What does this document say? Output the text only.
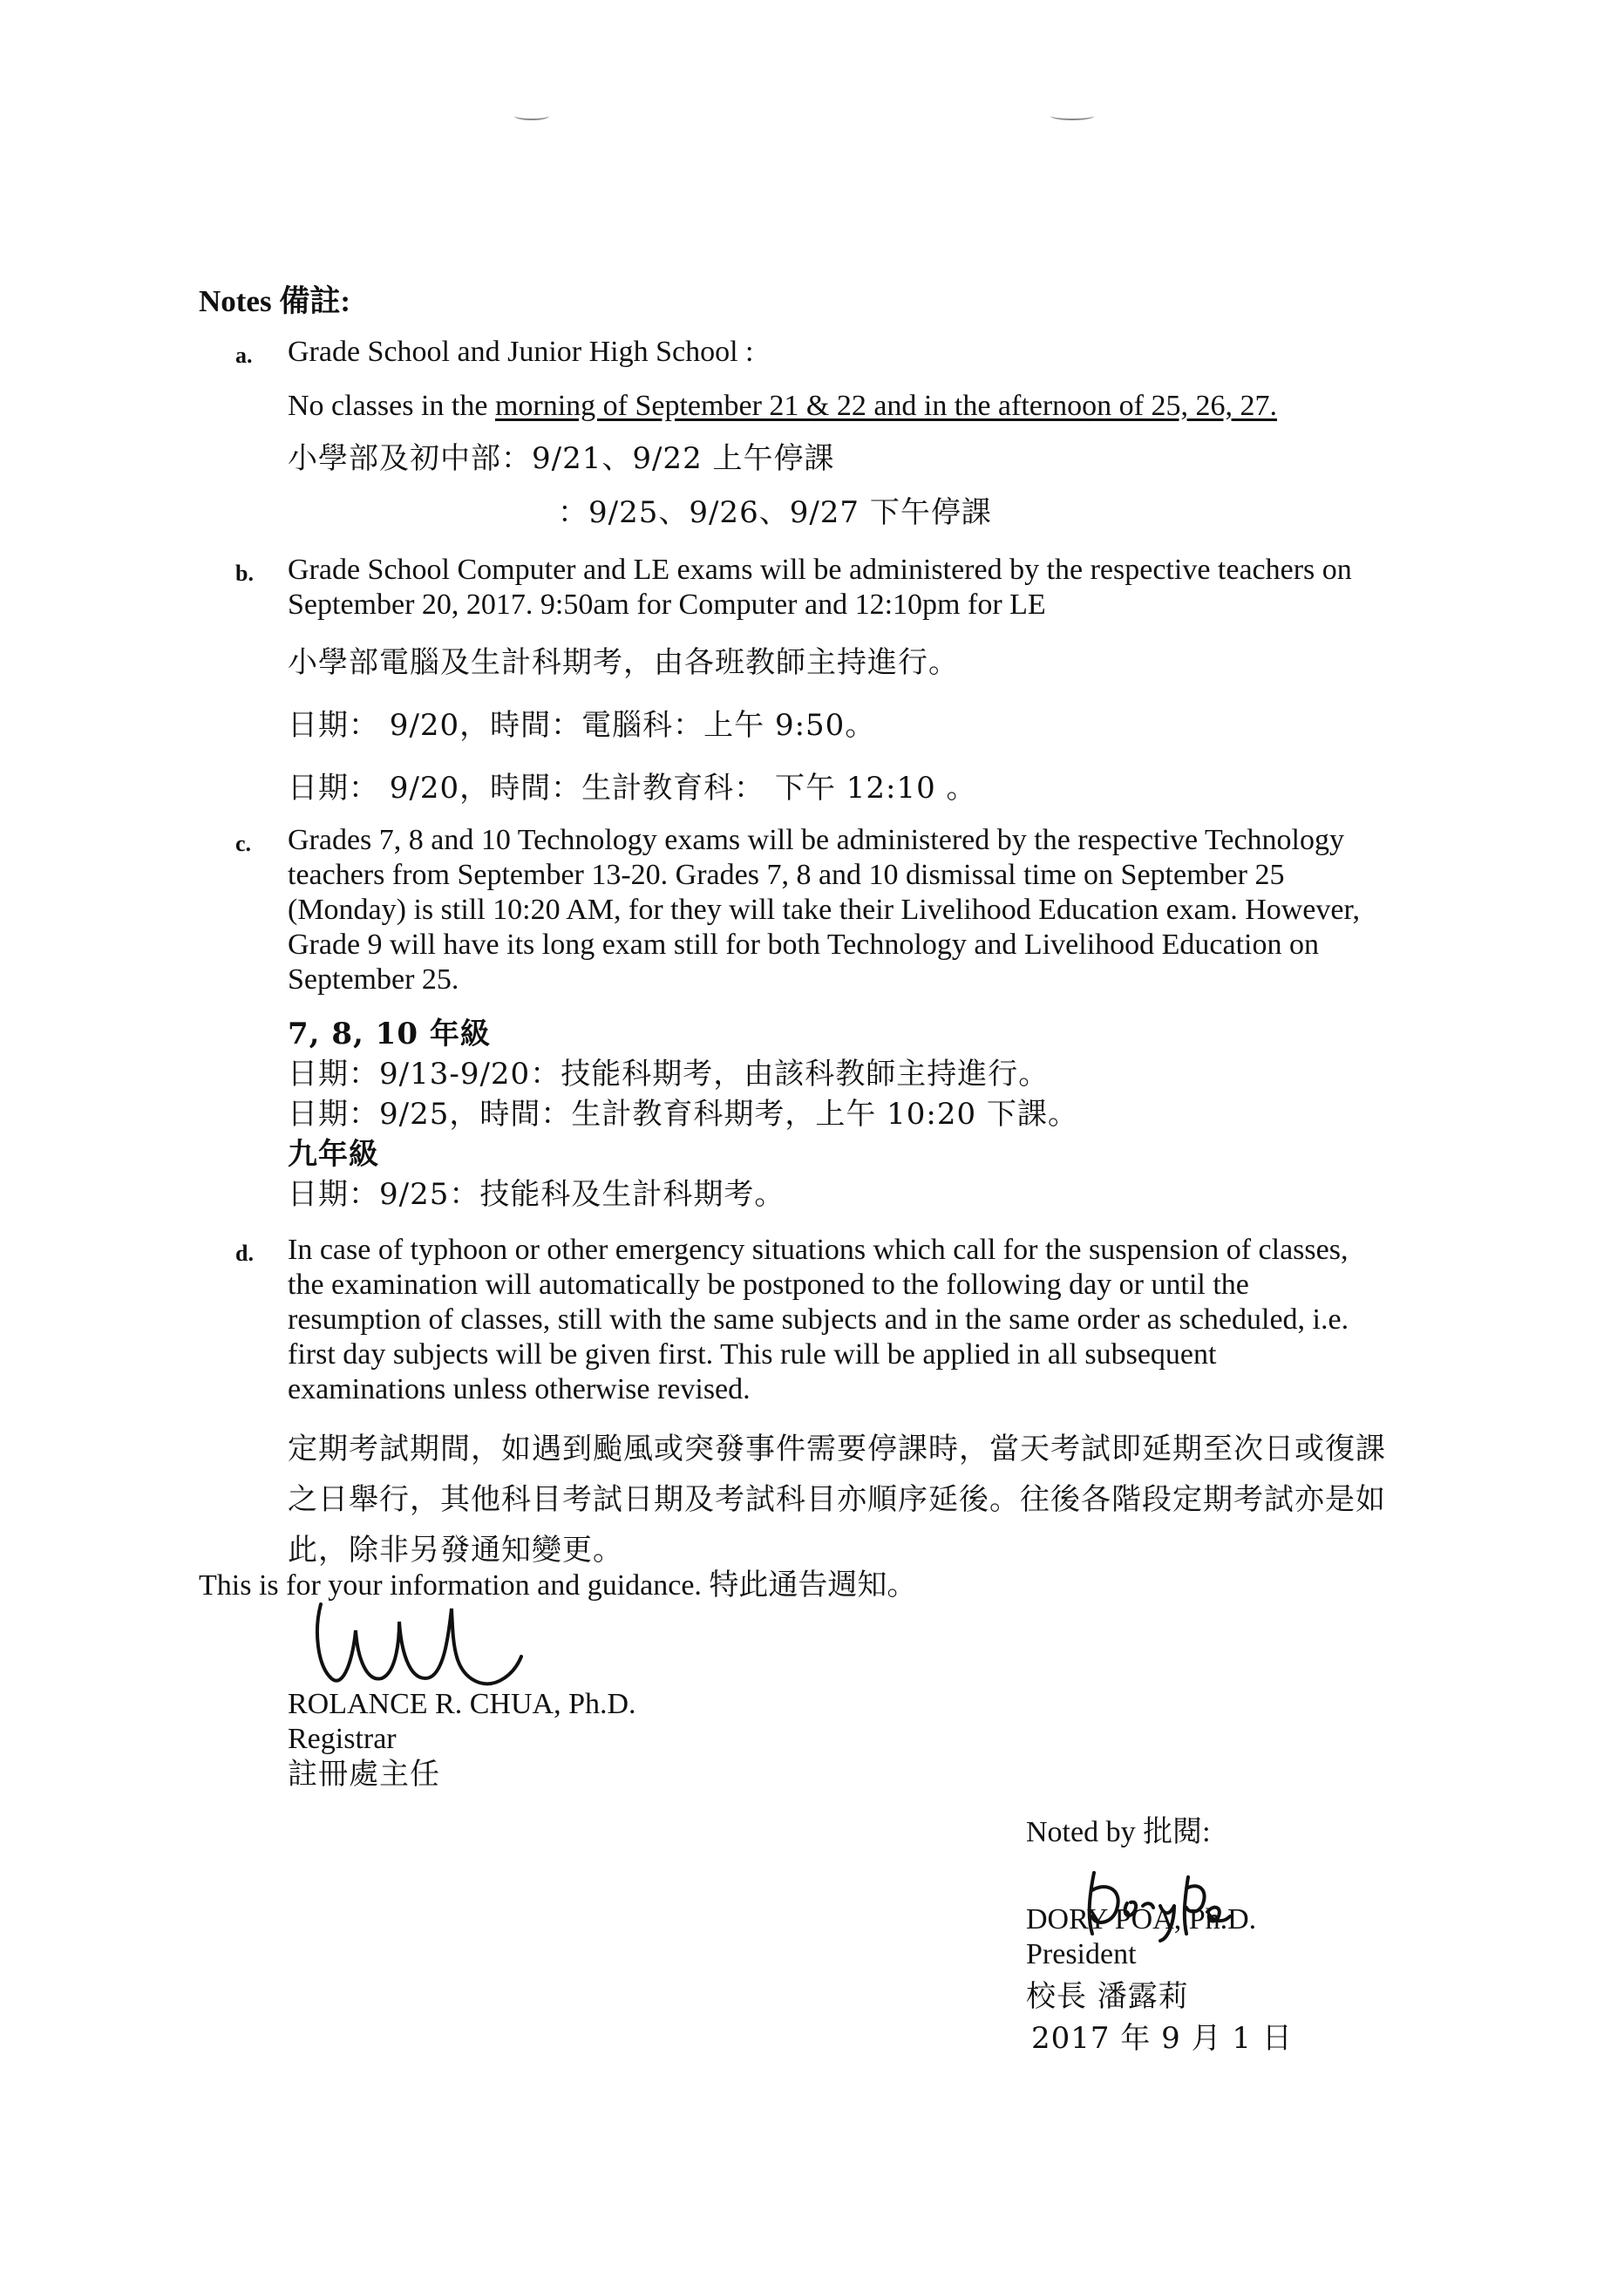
Notes 備註:
a. Grade School and Junior High School :
No classes in the morning of September 21 & 22 and in the afternoon of 25, 26, 27.
小學部及初中部：9/21、9/22 上午停課
：9/25、9/26、9/27 下午停課
b. Grade School Computer and LE exams will be administered by the respective teachers on
September 20, 2017. 9:50am for Computer and 12:10pm for LE
小學部電腦及生計科期考，由各班教師主持進行。
日期： 9/20，時間：電腦科：上午 9:50。
日期： 9/20，時間：生計教育科： 下午 12:10 。
c. Grades 7, 8 and 10 Technology exams will be administered by the respective Technology
teachers from September 13-20. Grades 7, 8 and 10 dismissal time on September 25
(Monday) is still 10:20 AM, for they will take their Livelihood Education exam. However,
Grade 9 will have its long exam still for both Technology and Livelihood Education on
September 25.
7, 8, 10 年級
日期：9/13-9/20：技能科期考，由該科教師主持進行。
日期：9/25，時間：生計教育科期考，上午 10:20 下課。
九年級
日期：9/25：技能科及生計科期考。
d. In case of typhoon or other emergency situations which call for the suspension of classes,
the examination will automatically be postponed to the following day or until the
resumption of classes, still with the same subjects and in the same order as scheduled, i.e.
first day subjects will be given first. This rule will be applied in all subsequent
examinations unless otherwise revised.
定期考試期間，如遇到颱風或突發事件需要停課時，當天考試即延期至次日或復課
之日舉行，其他科目考試日期及考試科目亦順序延後。往後各階段定期考試亦是如
此，除非另發通知變更。
This is for your information and guidance. 特此通告週知。
ROLANCE R. CHUA, Ph.D.
Registrar
註冊處主任
Noted by 批閱:
DORY POA, Ph.D.
President
校長 潘露莉
2017 年 9 月 1 日
